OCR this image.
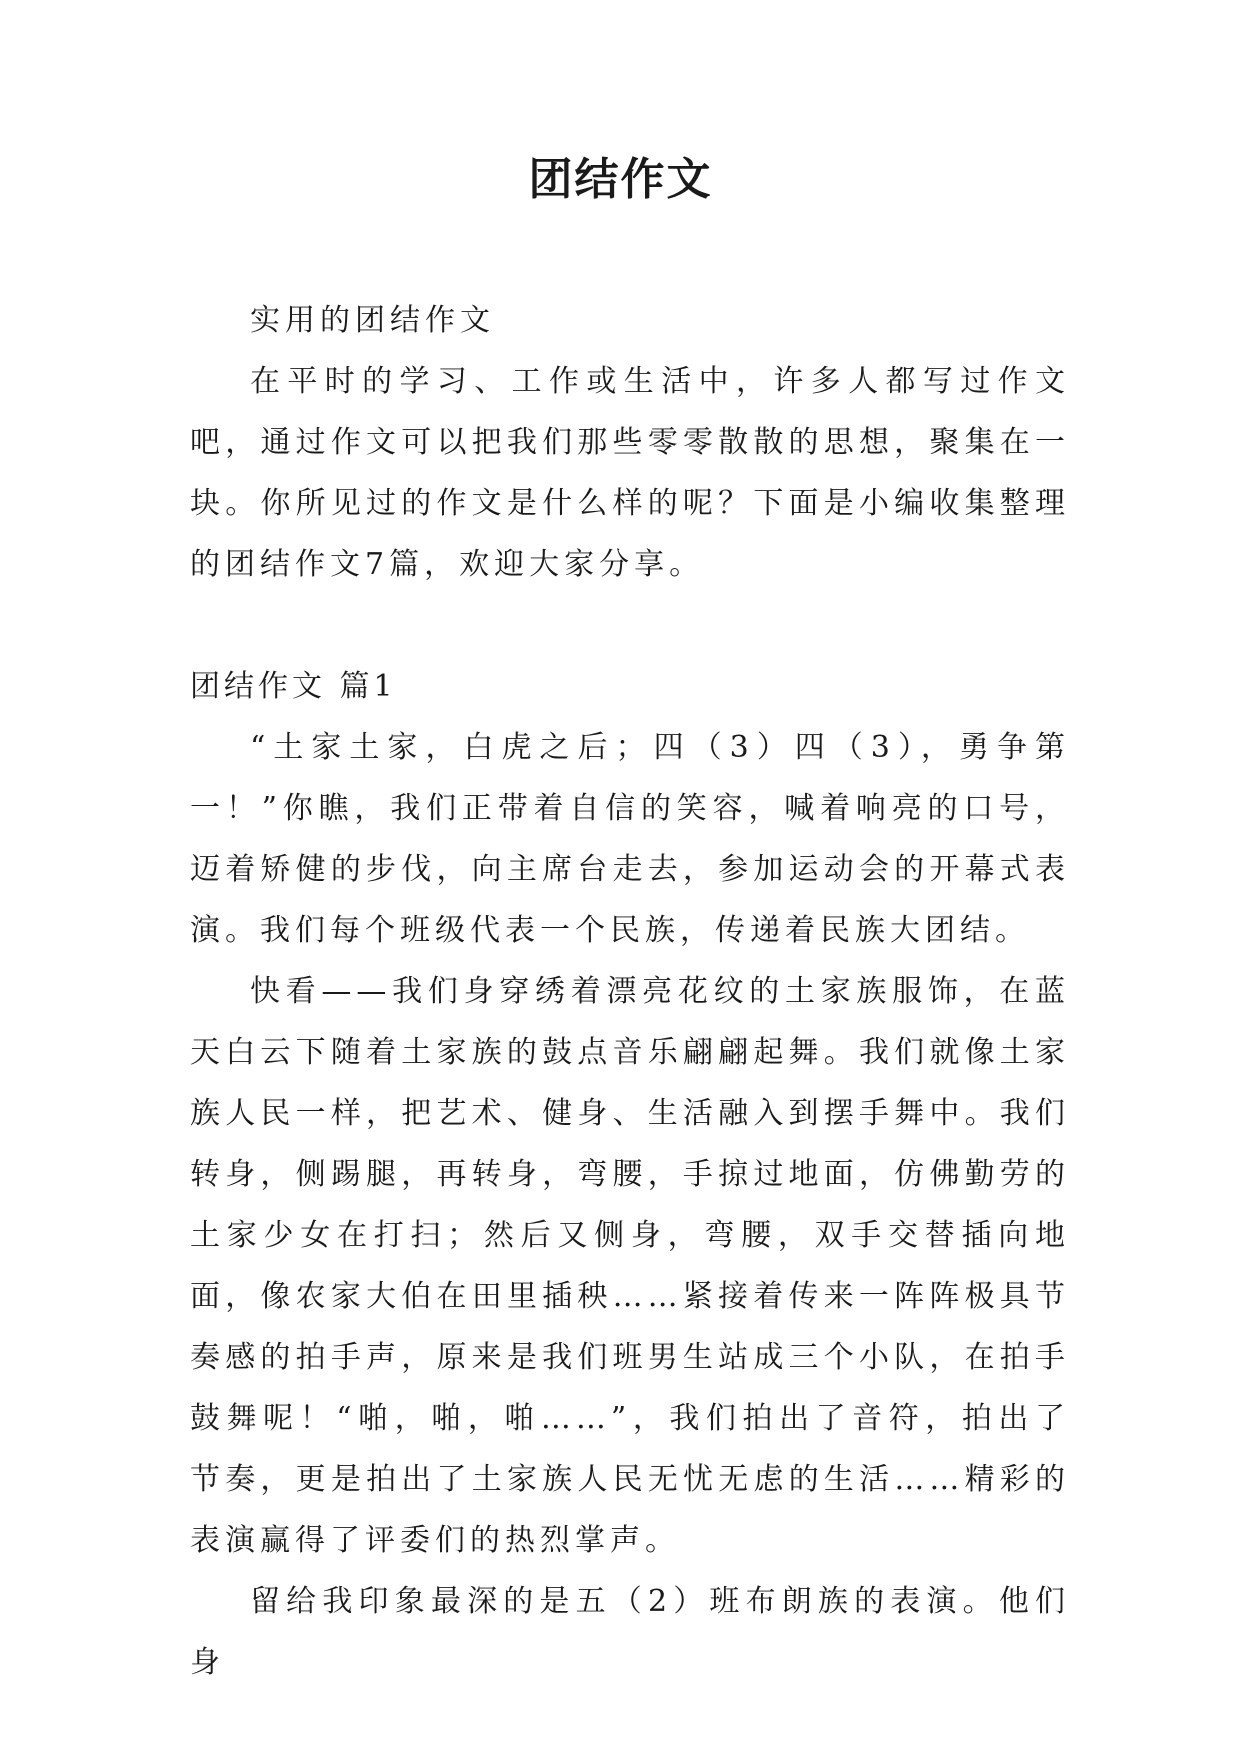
团结作文

实用的团结作文

在平时的学习、工作或生活中，许多人都写过作文吧，通过作文可以把我们那些零零散散的思想，聚集在一块。你所见过的作文是什么样的呢？下面是小编收集整理的团结作文7篇，欢迎大家分享。

团结作文 篇1

“土家土家，白虎之后；四（3）四（3），勇争第一！”你瞧，我们正带着自信的笑容，喊着响亮的口号，迈着矫健的步伐，向主席台走去，参加运动会的开幕式表演。我们每个班级代表一个民族，传递着民族大团结。

快看——我们身穿绣着漂亮花纹的土家族服饰，在蓝天白云下随着土家族的鼓点音乐翩翩起舞。我们就像土家族人民一样，把艺术、健身、生活融入到摆手舞中。我们转身，侧踢腿，再转身，弯腰，手掠过地面，仿佛勤劳的土家少女在打扫；然后又侧身，弯腰，双手交替插向地面，像农家大伯在田里插秧……紧接着传来一阵阵极具节奏感的拍手声，原来是我们班男生站成三个小队，在拍手鼓舞呢！“啪，啪，啪……”，我们拍出了音符，拍出了节奏，更是拍出了土家族人民无忧无虑的生活……精彩的表演赢得了评委们的热烈掌声。

留给我印象最深的是五（2）班布朗族的表演。他们身
